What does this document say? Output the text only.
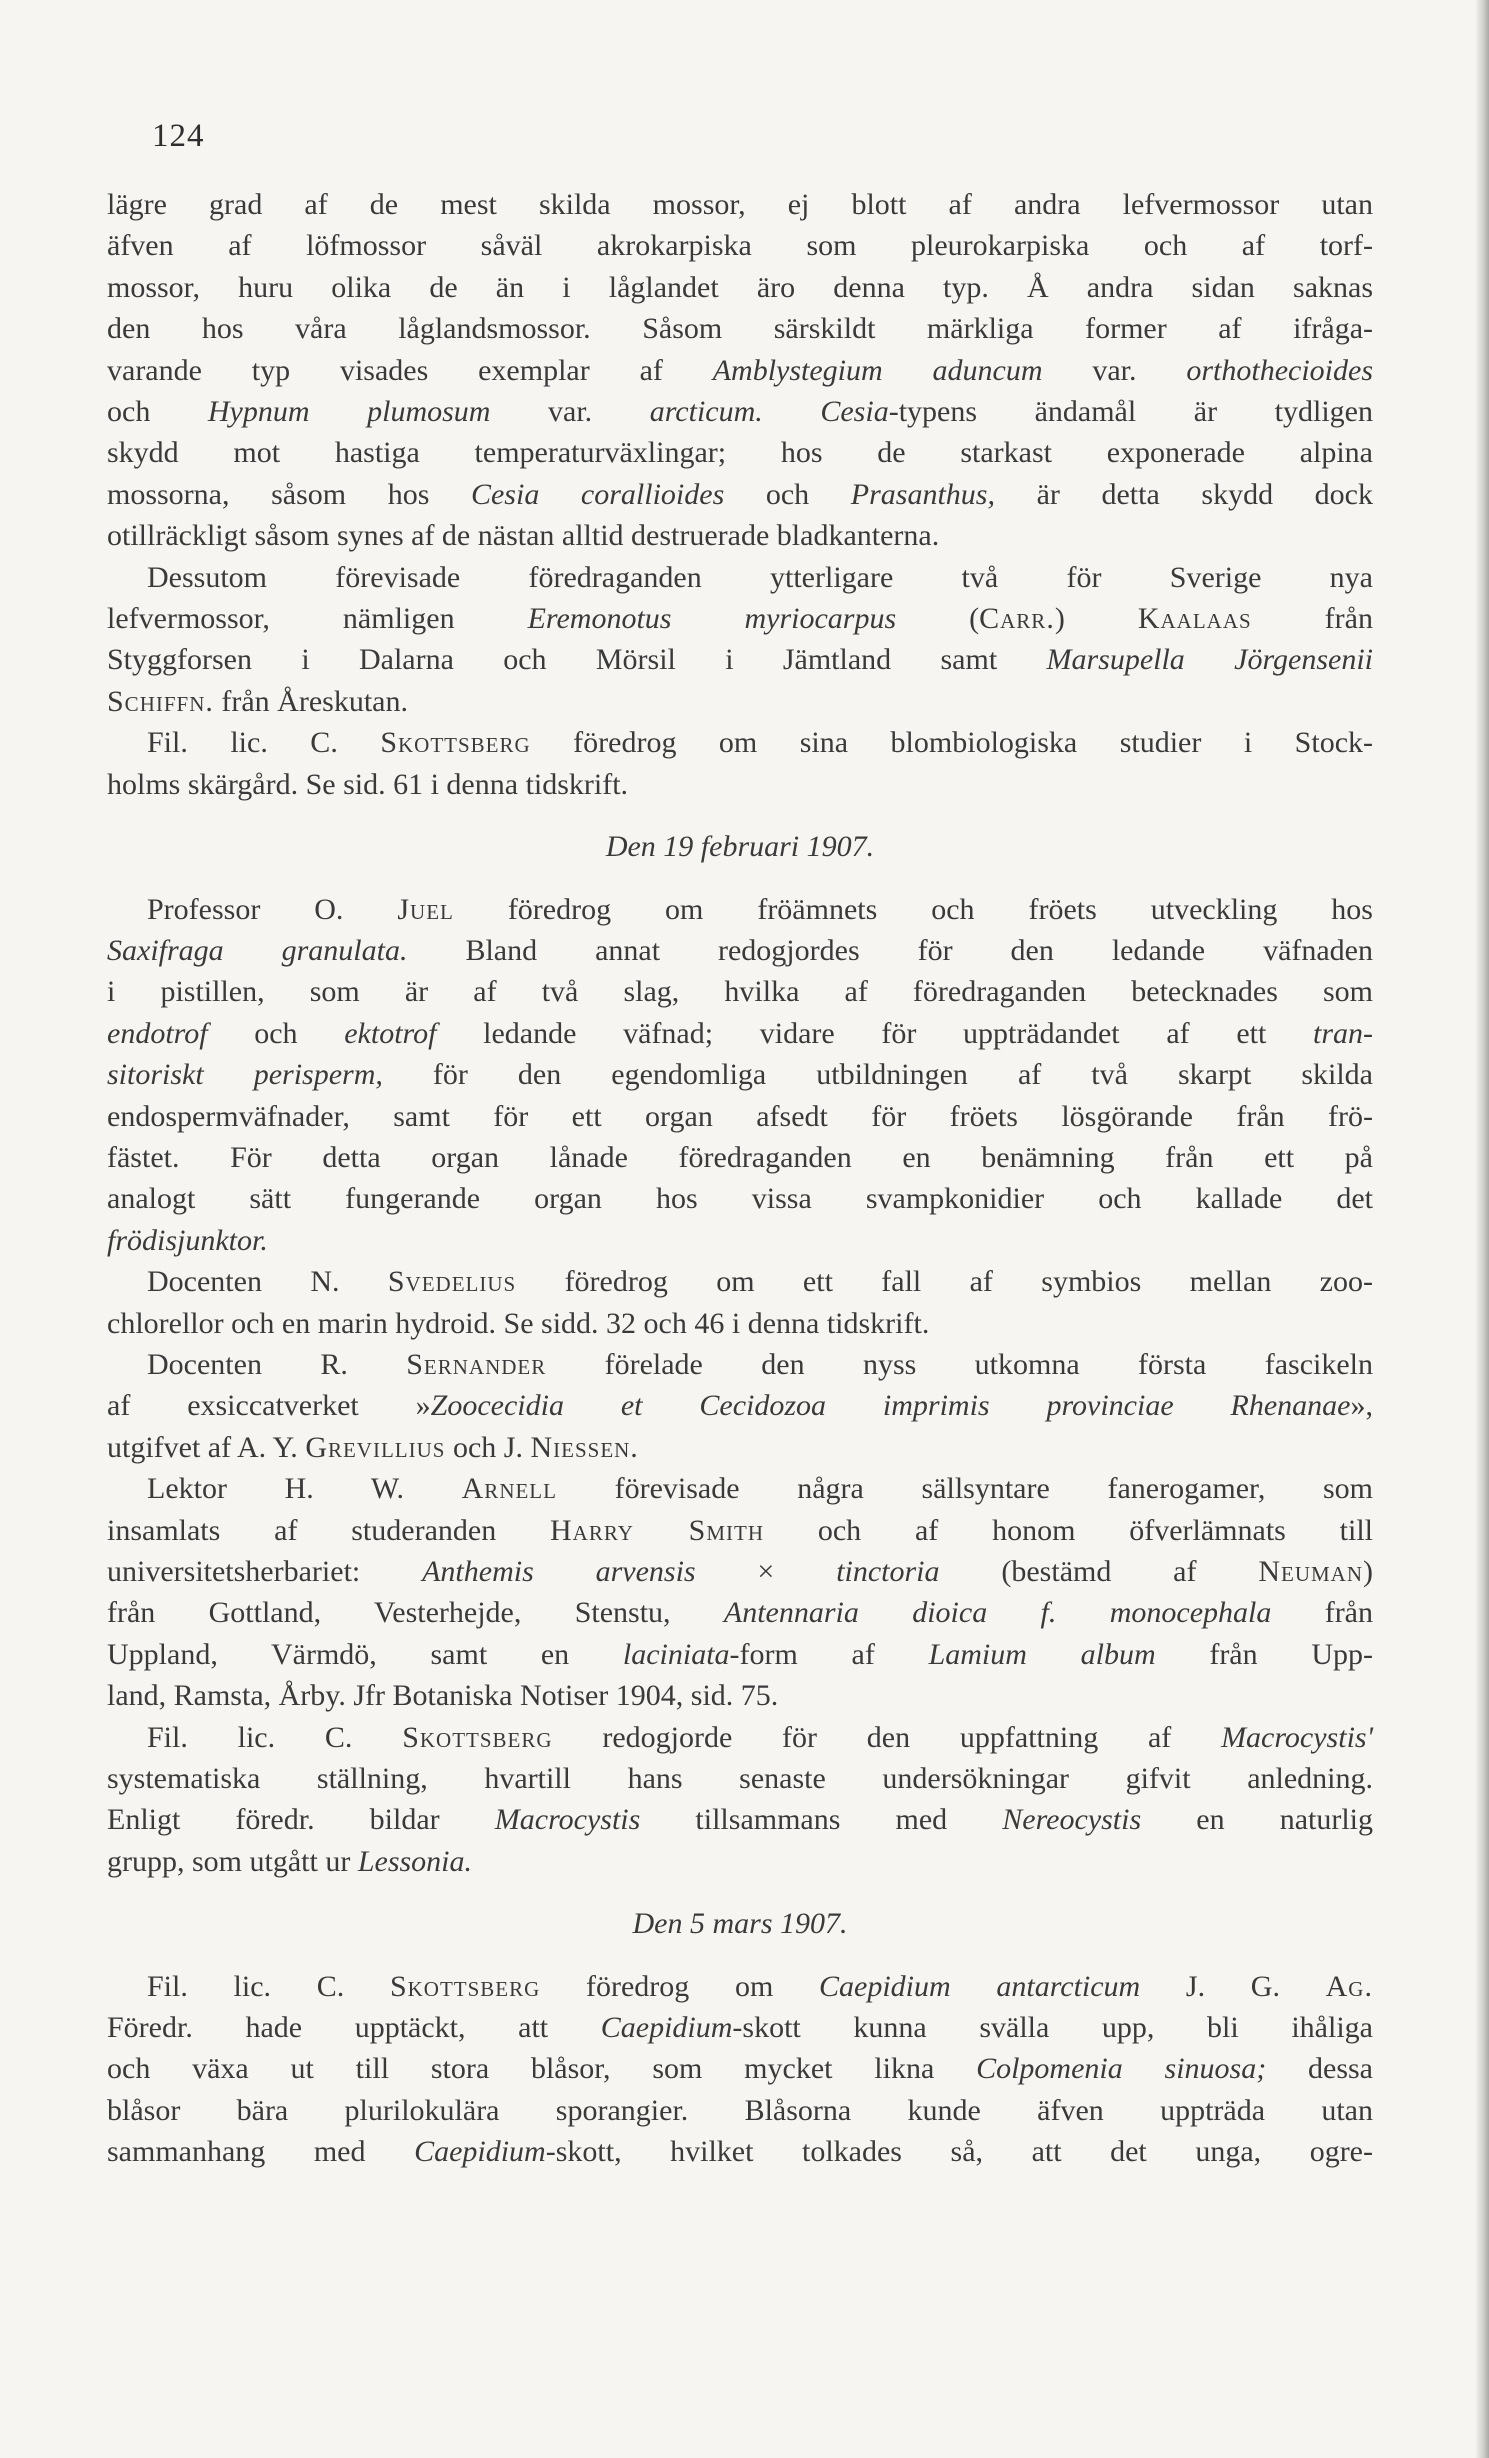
124
lägre grad af de mest skilda mossor, ej blott af andra lefvermossor utan
äfven af löfmossor såväl akrokarpiska som pleurokarpiska och af torf-
mossor, huru olika de än i låglandet äro denna typ. Å andra sidan saknas
den hos våra låglandsmossor. Såsom särskildt märkliga former af ifråga-
varande typ visades exemplar af Amblystegium aduncum var. orthothecioides
och Hypnum plumosum var. arcticum. Cesia-typens ändamål är tydligen
skydd mot hastiga temperaturväxlingar; hos de starkast exponerade alpina
mossorna, såsom hos Cesia corallioides och Prasanthus, är detta skydd dock
otillräckligt såsom synes af de nästan alltid destruerade bladkanterna.
Dessutom förevisade föredraganden ytterligare två för Sverige nya
lefvermossor, nämligen Eremonotus myriocarpus (Carr.) Kaalaas från
Styggforsen i Dalarna och Mörsil i Jämtland samt Marsupella Jörgensenii
Schiffn. från Åreskutan.
Fil. lic. C. Skottsberg föredrog om sina blombiologiska studier i Stock-
holms skärgård. Se sid. 61 i denna tidskrift.
Den 19 februari 1907.
Professor O. Juel föredrog om fröämnets och fröets utveckling hos
Saxifraga granulata. Bland annat redogjordes för den ledande väfnaden
i pistillen, som är af två slag, hvilka af föredraganden betecknades som
endotrof och ektotrof ledande väfnad; vidare för uppträdandet af ett tran-
sitoriskt perisperm, för den egendomliga utbildningen af två skarpt skilda
endospermväfnader, samt för ett organ afsedt för fröets lösgörande från frö-
fästet. För detta organ lånade föredraganden en benämning från ett på
analogt sätt fungerande organ hos vissa svampkonidier och kallade det
frödisjunktor.
Docenten N. Svedelius föredrog om ett fall af symbios mellan zoo-
chlorellor och en marin hydroid. Se sidd. 32 och 46 i denna tidskrift.
Docenten R. Sernander förelade den nyss utkomna första fascikeln
af exsiccatverket »Zoocecidia et Cecidozoa imprimis provinciae Rhenanae»,
utgifvet af A. Y. Grevillius och J. Niessen.
Lektor H. W. Arnell förevisade några sällsyntare fanerogamer, som
insamlats af studeranden Harry Smith och af honom öfverlämnats till
universitetsherbariet: Anthemis arvensis × tinctoria (bestämd af Neuman)
från Gottland, Vesterhejde, Stenstu, Antennaria dioica f. monocephala från
Uppland, Värmdö, samt en laciniata-form af Lamium album från Upp-
land, Ramsta, Årby. Jfr Botaniska Notiser 1904, sid. 75.
Fil. lic. C. Skottsberg redogjorde för den uppfattning af Macrocystis'
systematiska ställning, hvartill hans senaste undersökningar gifvit anledning.
Enligt föredr. bildar Macrocystis tillsammans med Nereocystis en naturlig
grupp, som utgått ur Lessonia.
Den 5 mars 1907.
Fil. lic. C. Skottsberg föredrog om Caepidium antarcticum J. G. Ag.
Föredr. hade upptäckt, att Caepidium-skott kunna svälla upp, bli ihåliga
och växa ut till stora blåsor, som mycket likna Colpomenia sinuosa; dessa
blåsor bära plurilokulära sporangier. Blåsorna kunde äfven uppträda utan
sammanhang med Caepidium-skott, hvilket tolkades så, att det unga, ogre-
